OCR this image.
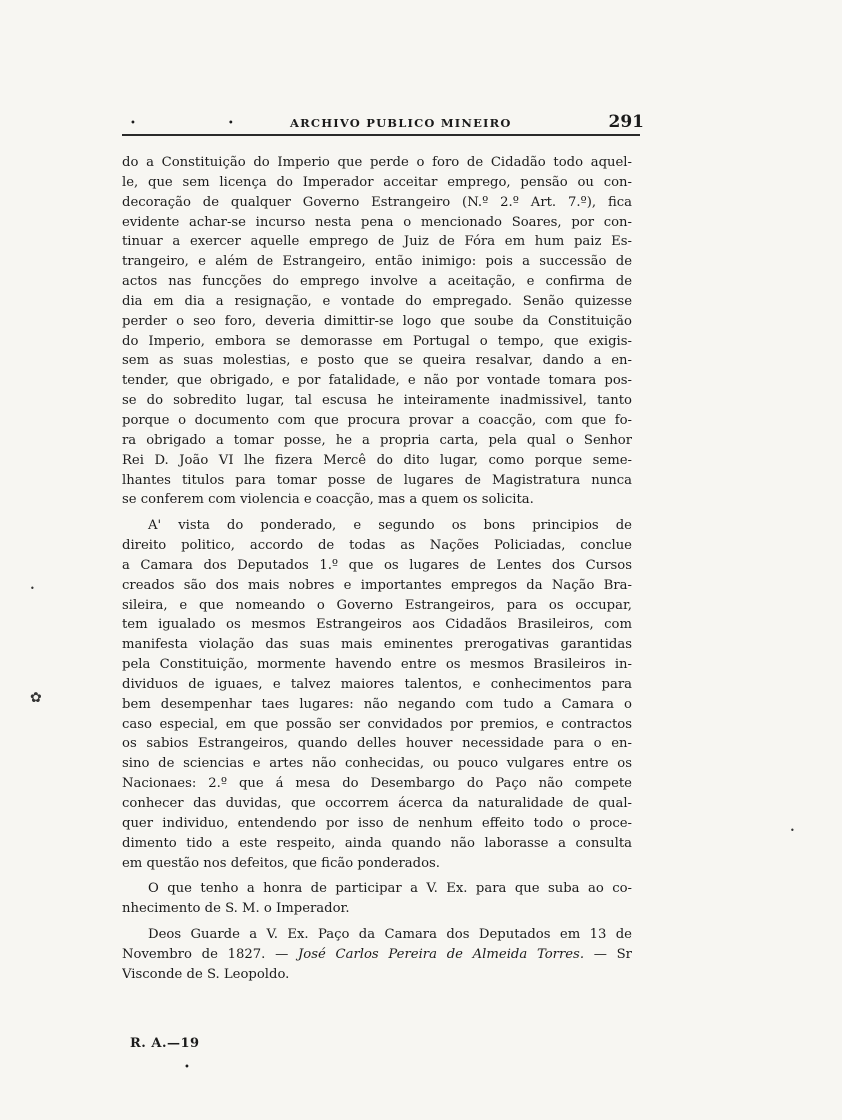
••
ARCHIVO PUBLICO MINEIRO	291
do a Constituição do Imperio que perde o foro de Cidadão todo aquel-
le, que sem licença do Imperador acceitar emprego, pensão ou con-
decoração de qualquer Governo Estrangeiro (N.º 2.º Art. 7.º), fica
evidente achar-se incurso nesta pena o mencionado Soares, por con-
tinuar a exercer aquelle emprego de Juiz de Fóra em hum paiz Es-
trangeiro, e além de Estrangeiro, então inimigo: pois a successão de
actos nas funcções do emprego involve a aceitação, e confirma de
dia em dia a resignação, e vontade do empregado. Senão quizesse
perder o seo foro, deveria dimittir-se logo que soube da Constituição
do Imperio, embora se demorasse em Portugal o tempo, que exigis-
sem as suas molestias, e posto que se queira resalvar, dando a en-
tender, que obrigado, e por fatalidade, e não por vontade tomara pos-
se do sobredito lugar, tal escusa he inteiramente inadmissivel, tanto
porque o documento com que procura provar a coacção, com que fo-
ra obrigado a tomar posse, he a propria carta, pela qual o Senhor
Rei D. João VI lhe fizera Mercê do dito lugar, como porque seme-
lhantes titulos para tomar posse de lugares de Magistratura nunca
se conferem com violencia e coacção, mas a quem os solicita.
A' vista do ponderado, e segundo os bons principios de
direito politico, accordo de todas as Nações Policiadas, conclue
a Camara dos Deputados 1.º que os lugares de Lentes dos Cursos
creados são dos mais nobres e importantes empregos da Nação Bra-
sileira, e que nomeando o Governo Estrangeiros, para os occupar,
tem igualado os mesmos Estrangeiros aos Cidadãos Brasileiros, com
manifesta violação das suas mais eminentes prerogativas garantidas
pela Constituição, mormente havendo entre os mesmos Brasileiros in-
dividuos de iguaes, e talvez maiores talentos, e conhecimentos para
bem desempenhar taes lugares: não negando com tudo a Camara o
caso especial, em que possão ser convidados por premios, e contractos
os sabios Estrangeiros, quando delles houver necessidade para o en-
sino de sciencias e artes não conhecidas, ou pouco vulgares entre os
Nacionaes: 2.º que á mesa do Desembargo do Paço não compete
conhecer das duvidas, que occorrem ácerca da naturalidade de qual-
quer individuo, entendendo por isso de nenhum effeito todo o proce-
dimento tido a este respeito, ainda quando não laborasse a consulta
em questão nos defeitos, que ficão ponderados.
O que tenho a honra de participar a V. Ex. para que suba ao co-
nhecimento de S. M. o Imperador.
Deos Guarde a V. Ex. Paço da Camara dos Deputados em 13 de
Novembro de 1827. — José Carlos Pereira de Almeida Torres. — Sr
Visconde de S. Leopoldo.
R. A.—19
•
•
✿
•
